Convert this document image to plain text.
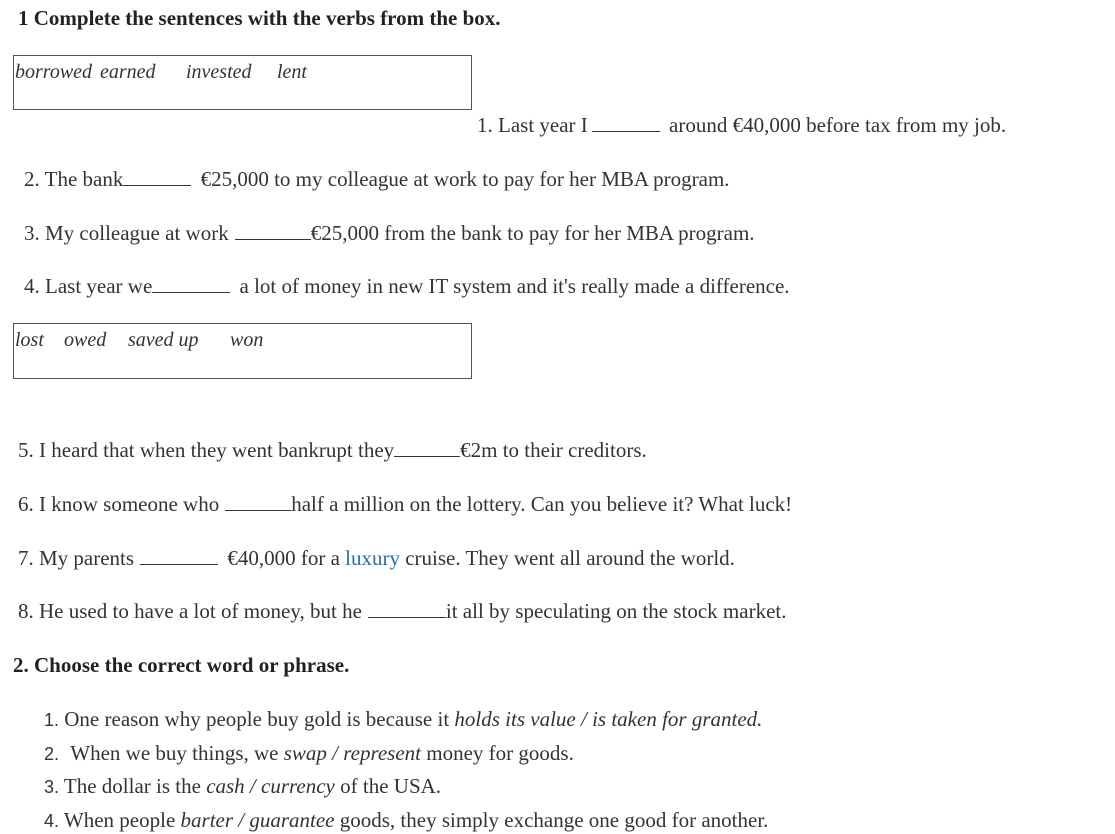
1 Complete the sentences with the verbs from the box.
borrowed earned invested lent
1. Last year I	around €40,000 before tax from my job.
2. The bank	€25,000 to my colleague at work to pay for her MBA program.
3. My colleague at work	€25,000 from the bank to pay for her MBA program.
4. Last year we	a lot of money in new IT system and it's really made a difference.
lost owed saved up won
5. I heard that when they went bankrupt they	€2m to their creditors.
6. I know someone who	half a million on the lottery. Can you believe it? What luck!
7. My parents	€40,000 for a luxury cruise. They went all around the world.
8. He used to have a lot of money, but he	it all by speculating on the stock market.
2. Choose the correct word or phrase.
1. One reason why people buy gold is because it holds its value / is taken for granted.
2. When we buy things, we swap / represent money for goods.
3. The dollar is the cash / currency of the USA.
4. When people barter / guarantee goods, they simply exchange one good for another.
